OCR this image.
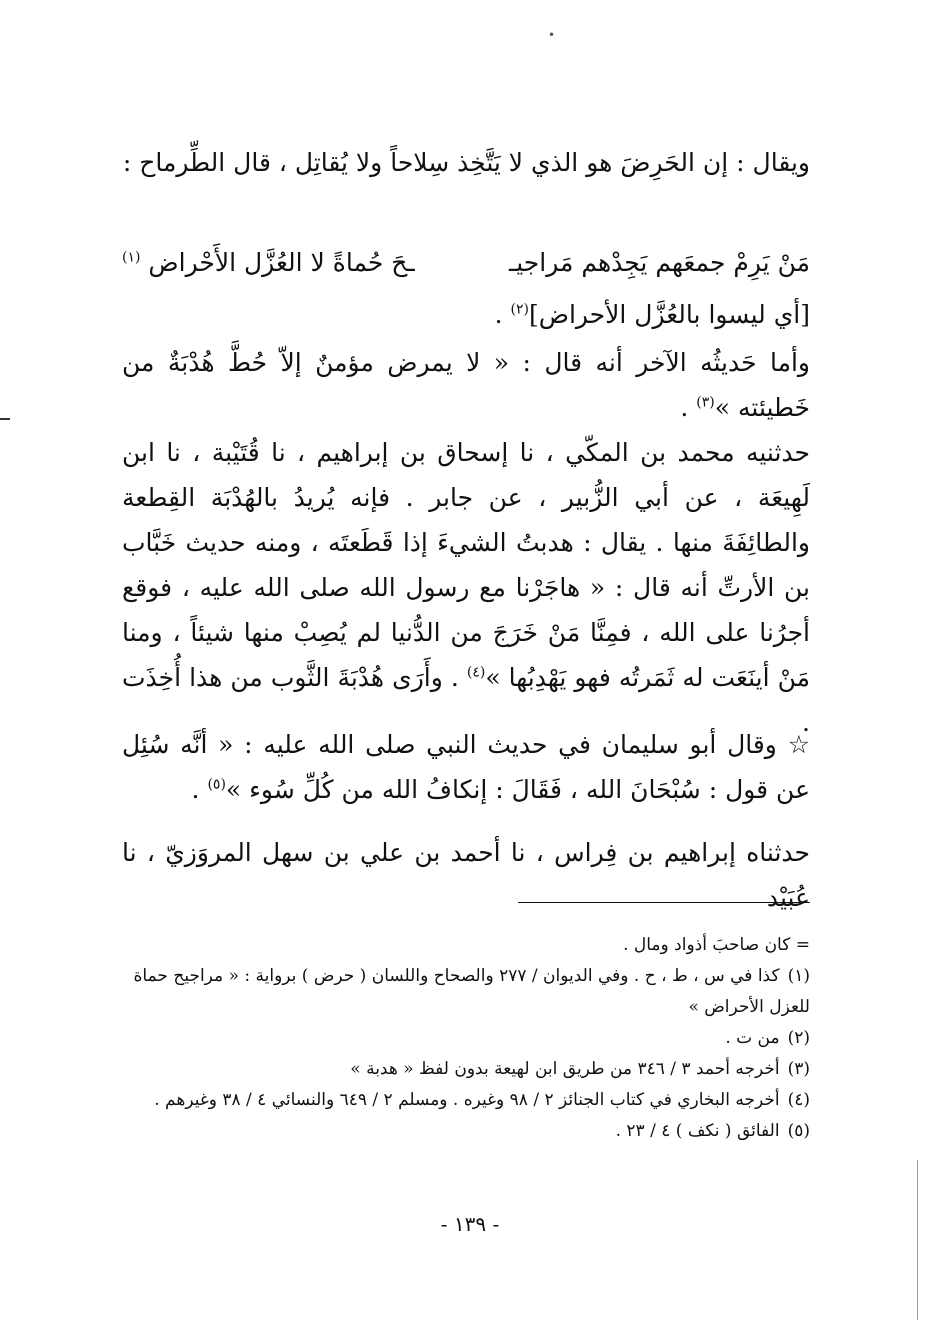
•

ويقال : إن الحَرِضَ هو الذي لا يَتَّخِذ سِلاحاً ولا يُقاتِل ، قال الطِّرماح :

مَنْ يَرِمْ جمعَهم يَجِدْهم مَراجيـ
ـحَ حُماةً لا العُزَّل الأَحْراض $^{(١)}$

[أي ليسوا بالعُزَّل الأحراض]$^{(٢)}$ .

وأما حَديثُه الآخر أنه قال : « لا يمرض مؤمنٌ إلاّ حُطَّ هُدْبَةٌ من خَطيئته »$^{(٣)}$ .

حدثنيه محمد بن المكّي ، نا إسحاق بن إبراهيم ، نا قُتَيْبة ، نا ابن لَهِيعَة ، عن أبي الزُّبير ، عن جابر . فإنه يُريدُ بالهُدْبَة القِطعة والطائِفَةَ منها . يقال : هدبتُ الشيءَ إذا قَطَعتَه ، ومنه حديث خَبَّاب بن الأرتِّ أنه قال : « هاجَرْنا مع رسول الله صلى الله عليه ، فوقع أجرُنا على الله ، فمِنَّا مَنْ خَرَجَ من الدُّنيا لم يُصِبْ منها شيئاً ، ومنا مَنْ أينَعَت له ثَمَرتُه فهو يَهْدِبُها »$^{(٤)}$ . وأَرَى هُدْبَةَ الثَّوب من هذا أُخِذَت .

☆ وقال أبو سليمان في حديث النبي صلى الله عليه : « أنَّه سُئِل عن قول : سُبْحَانَ الله ، فَقَالَ : إنكافُ الله من كُلِّ سُوء »$^{(٥)}$ .

حدثناه إبراهيم بن فِراس ، نا أحمد بن علي بن سهل المروَزيّ ، نا عُبَيْد

= كان صاحبَ أذواد ومال .

(١)كذا في س ، ط ، ح . وفي الديوان / ٢٧٧ والصحاح واللسان ( حرض ) برواية : « مراجيح حماة للعزل الأحراض »

(٢)من ت .

(٣)أخرجه أحمد ٣ / ٣٤٦ من طريق ابن لهيعة بدون لفظ « هدبة »

(٤)أخرجه البخاري في كتاب الجنائز ٢ / ٩٨ وغيره . ومسلم ٢ / ٦٤٩ والنسائي ٤ / ٣٨ وغيرهم .

(٥)الفائق ( نكف ) ٤ / ٢٣ .

- ١٣٩ -
